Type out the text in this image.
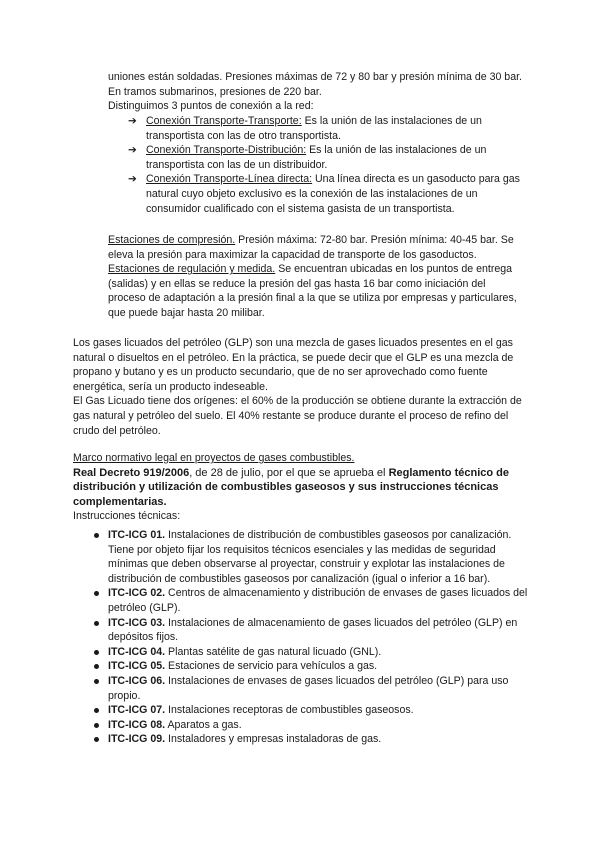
uniones están soldadas. Presiones máximas de 72 y 80 bar y presión mínima de 30 bar. En tramos submarinos, presiones de 220 bar.

Distinguimos 3 puntos de conexión a la red:

➔ Conexión Transporte-Transporte: Es la unión de las instalaciones de un transportista con las de otro transportista.
➔ Conexión Transporte-Distribución: Es la unión de las instalaciones de un transportista con las de un distribuidor.
➔ Conexión Transporte-Línea directa: Una línea directa es un gasoducto para gas natural cuyo objeto exclusivo es la conexión de las instalaciones de un consumidor cualificado con el sistema gasista de un transportista.

Estaciones de compresión. Presión máxima: 72-80 bar. Presión mínima: 40-45 bar. Se eleva la presión para maximizar la capacidad de transporte de los gasoductos.

Estaciones de regulación y medida. Se encuentran ubicadas en los puntos de entrega (salidas) y en ellas se reduce la presión del gas hasta 16 bar como iniciación del proceso de adaptación a la presión final a la que se utiliza por empresas y particulares, que puede bajar hasta 20 milibar.

Los gases licuados del petróleo (GLP) son una mezcla de gases licuados presentes en el gas natural o disueltos en el petróleo. En la práctica, se puede decir que el GLP es una mezcla de propano y butano y es un producto secundario, que de no ser aprovechado como fuente energética, sería un producto indeseable.

El Gas Licuado tiene dos orígenes: el 60% de la producción se obtiene durante la extracción de gas natural y petróleo del suelo. El 40% restante se produce durante el proceso de refino del crudo del petróleo.

Marco normativo legal en proyectos de gases combustibles.

Real Decreto 919/2006, de 28 de julio, por el que se aprueba el Reglamento técnico de distribución y utilización de combustibles gaseosos y sus instrucciones técnicas complementarias.

Instrucciones técnicas:

ITC-ICG 01. Instalaciones de distribución de combustibles gaseosos por canalización. Tiene por objeto fijar los requisitos técnicos esenciales y las medidas de seguridad mínimas que deben observarse al proyectar, construir y explotar las instalaciones de distribución de combustibles gaseosos por canalización (igual o inferior a 16 bar).
ITC-ICG 02. Centros de almacenamiento y distribución de envases de gases licuados del petróleo (GLP).
ITC-ICG 03. Instalaciones de almacenamiento de gases licuados del petróleo (GLP) en depósitos fijos.
ITC-ICG 04. Plantas satélite de gas natural licuado (GNL).
ITC-ICG 05. Estaciones de servicio para vehículos a gas.
ITC-ICG 06. Instalaciones de envases de gases licuados del petróleo (GLP) para uso propio.
ITC-ICG 07. Instalaciones receptoras de combustibles gaseosos.
ITC-ICG 08. Aparatos a gas.
ITC-ICG 09. Instaladores y empresas instaladoras de gas.
